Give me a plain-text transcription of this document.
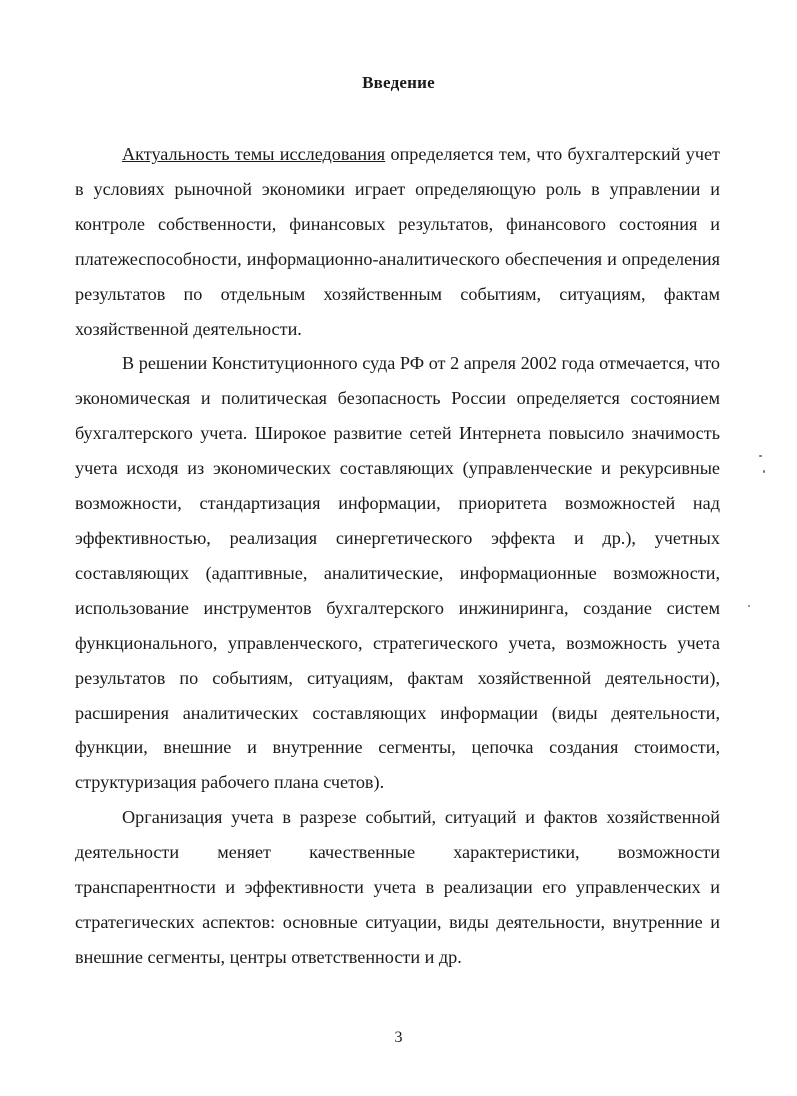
Введение

Актуальность темы исследования определяется тем, что бухгалтерский учет в условиях рыночной экономики играет определяющую роль в управлении и контроле собственности, финансовых результатов, финансового состояния и платежеспособности, информационно-аналитического обеспечения и определения результатов по отдельным хозяйственным событиям, ситуациям, фактам хозяйственной деятельности.

В решении Конституционного суда РФ от 2 апреля 2002 года отмечается, что экономическая и политическая безопасность России определяется состоянием бухгалтерского учета. Широкое развитие сетей Интернета повысило значимость учета исходя из экономических составляющих (управленческие и рекурсивные возможности, стандартизация информации, приоритета возможностей над эффективностью, реализация синергетического эффекта и др.), учетных составляющих (адаптивные, аналитические, информационные возможности, использование инструментов бухгалтерского инжиниринга, создание систем функционального, управленческого, стратегического учета, возможность учета результатов по событиям, ситуациям, фактам хозяйственной деятельности), расширения аналитических составляющих информации (виды деятельности, функции, внешние и внутренние сегменты, цепочка создания стоимости, структуризация рабочего плана счетов).

Организация учета в разрезе событий, ситуаций и фактов хозяйственной деятельности меняет качественные характеристики, возможности транспарентности и эффективности учета в реализации его управленческих и стратегических аспектов: основные ситуации, виды деятельности, внутренние и внешние сегменты, центры ответственности и др.

3
